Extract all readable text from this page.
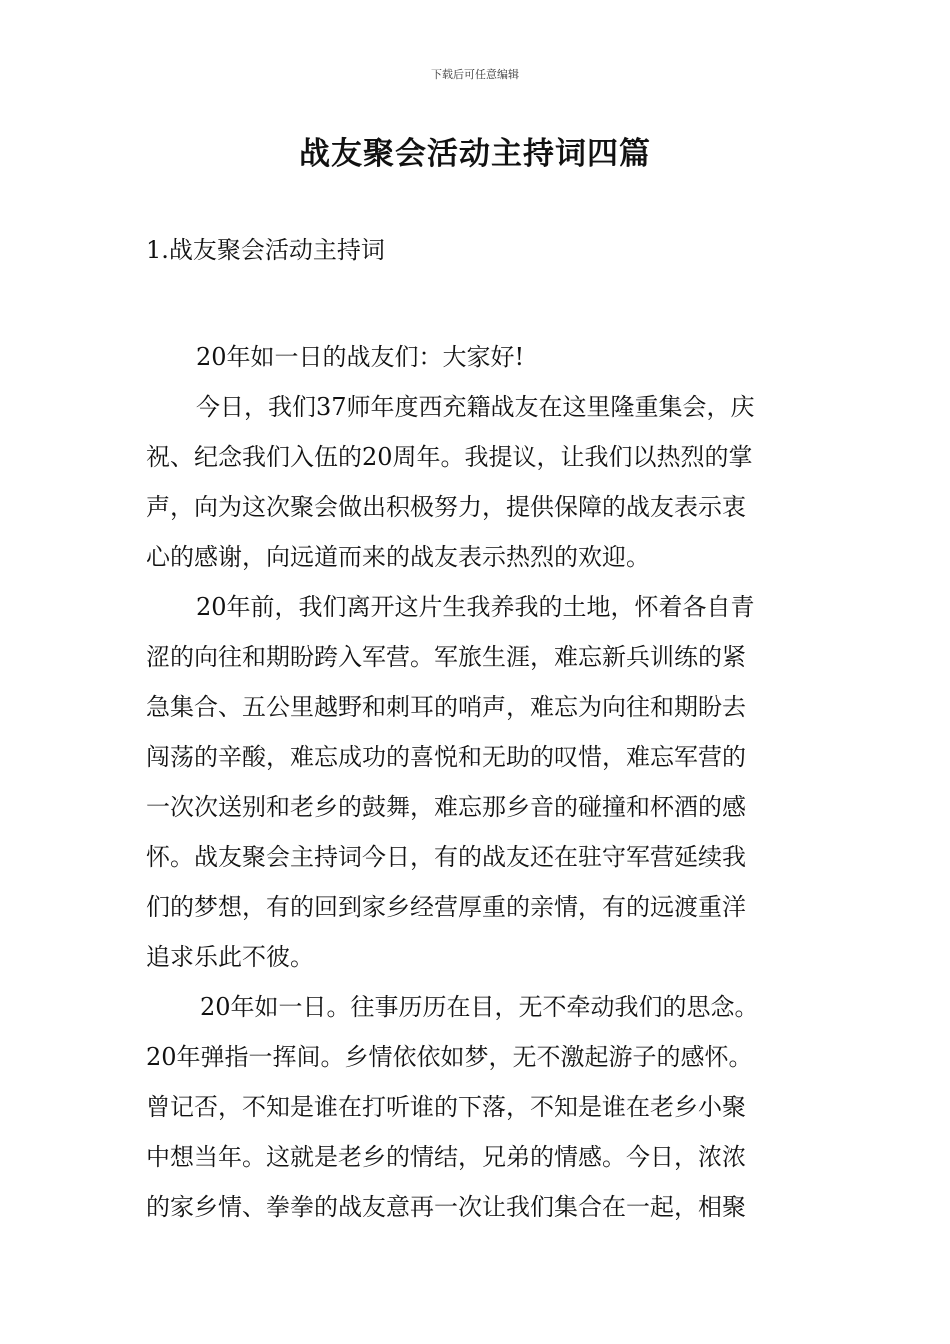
下载后可任意编辑
战友聚会活动主持词四篇
1.战友聚会活动主持词

20年如一日的战友们：大家好!

今日，我们37师年度西充籍战友在这里隆重集会，庆

祝、纪念我们入伍的20周年。我提议，让我们以热烈的掌

声，向为这次聚会做出积极努力，提供保障的战友表示衷

心的感谢，向远道而来的战友表示热烈的欢迎。

20年前，我们离开这片生我养我的土地，怀着各自青

涩的向往和期盼跨入军营。军旅生涯，难忘新兵训练的紧

急集合、五公里越野和刺耳的哨声，难忘为向往和期盼去

闯荡的辛酸，难忘成功的喜悦和无助的叹惜，难忘军营的

一次次送别和老乡的鼓舞，难忘那乡音的碰撞和杯酒的感

怀。战友聚会主持词今日，有的战友还在驻守军营延续我

们的梦想，有的回到家乡经营厚重的亲情，有的远渡重洋

追求乐此不彼。

20年如一日。往事历历在目，无不牵动我们的思念。

20年弹指一挥间。乡情依依如梦，无不激起游子的感怀。

曾记否，不知是谁在打听谁的下落，不知是谁在老乡小聚

中想当年。这就是老乡的情结，兄弟的情感。今日，浓浓

的家乡情、拳拳的战友意再一次让我们集合在一起，相聚
